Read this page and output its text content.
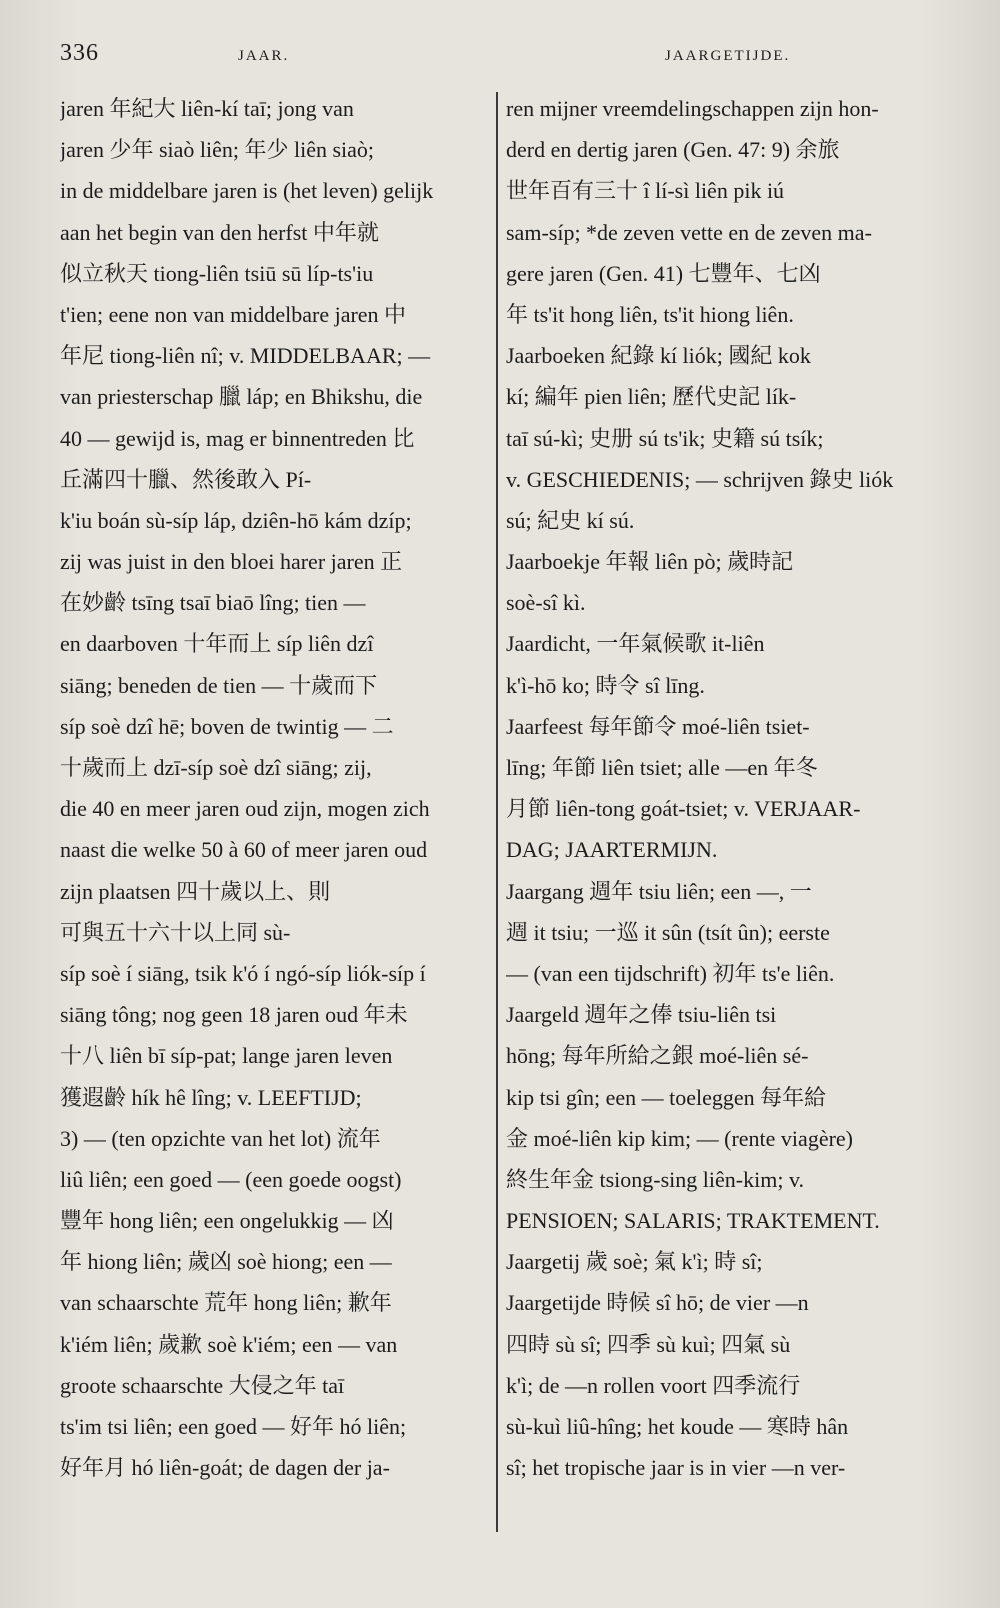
336	JAAR.	JAARGETIJDE.

jaren 年紀大 liên-kí taī; jong van

jaren 少年 siaò liên; 年少 liên siaò;

in de middelbare jaren is (het leven) gelijk

aan het begin van den herfst 中年就

似立秋天 tiong-liên tsiū sū líp-ts'iu

t'ien; eene non van middelbare jaren 中

年尼 tiong-liên nî; v. MIDDELBAAR; —

van priesterschap 臘 láp; en Bhikshu, die

40 — gewijd is, mag er binnentreden 比

丘滿四十臘、然後敢入 Pí-

k'iu boán sù-síp láp, dziên-hō kám dzíp;

zij was juist in den bloei harer jaren 正

在妙齡 tsīng tsaī biaō lîng; tien —

en daarboven 十年而上 síp liên dzî

siāng; beneden de tien — 十歲而下

síp soè dzî hē; boven de twintig — 二

十歲而上 dzī-síp soè dzî siāng; zij,

die 40 en meer jaren oud zijn, mogen zich

naast die welke 50 à 60 of meer jaren oud

zijn plaatsen 四十歲以上、則

可與五十六十以上同 sù-

síp soè í siāng, tsik k'ó í ngó-síp liók-síp í

siāng tông; nog geen 18 jaren oud 年未

十八 liên bī síp-pat; lange jaren leven

獲遐齡 hík hê lîng; v. LEEFTIJD;

3) — (ten opzichte van het lot) 流年

liû liên; een goed — (een goede oogst)

豐年 hong liên; een ongelukkig — 凶

年 hiong liên; 歲凶 soè hiong; een —

van schaarschte 荒年 hong liên; 歉年

k'iém liên; 歲歉 soè k'iém; een — van

groote schaarschte 大侵之年 taī

ts'im tsi liên; een goed — 好年 hó liên;

好年月 hó liên-goát; de dagen der ja-

ren mijner vreemdelingschappen zijn hon-

derd en dertig jaren (Gen. 47: 9) 余旅

世年百有三十 î lí-sì liên pik iú

sam-síp; *de zeven vette en de zeven ma-

gere jaren (Gen. 41) 七豐年、七凶

年 ts'it hong liên, ts'it hiong liên.

Jaarboeken 紀錄 kí liók; 國紀 kok

kí; 編年 pien liên; 歷代史記 lík-

taī sú-kì; 史册 sú ts'ik; 史籍 sú tsík;

v. GESCHIEDENIS; — schrijven 錄史 liók

sú; 紀史 kí sú.

Jaarboekje 年報 liên pò; 歲時記

soè-sî kì.

Jaardicht, 一年氣候歌 it-liên

k'ì-hō ko; 時令 sî līng.

Jaarfeest 每年節令 moé-liên tsiet-

līng; 年節 liên tsiet; alle —en 年冬

月節 liên-tong goát-tsiet; v. VERJAAR-

DAG; JAARTERMIJN.

Jaargang 週年 tsiu liên; een —, 一

週 it tsiu; 一巡 it sûn (tsít ûn); eerste

— (van een tijdschrift) 初年 ts'e liên.

Jaargeld 週年之俸 tsiu-liên tsi

hōng; 每年所給之銀 moé-liên sé-

kip tsi gîn; een — toeleggen 每年給

金 moé-liên kip kim; — (rente viagère)

終生年金 tsiong-sing liên-kim; v.

PENSIOEN; SALARIS; TRAKTEMENT.

Jaargetij 歲 soè; 氣 k'ì; 時 sî;

Jaargetijde 時候 sî hō; de vier —n

四時 sù sî; 四季 sù kuì; 四氣 sù

k'ì; de —n rollen voort 四季流行

sù-kuì liû-hîng; het koude — 寒時 hân

sî; het tropische jaar is in vier —n ver-
